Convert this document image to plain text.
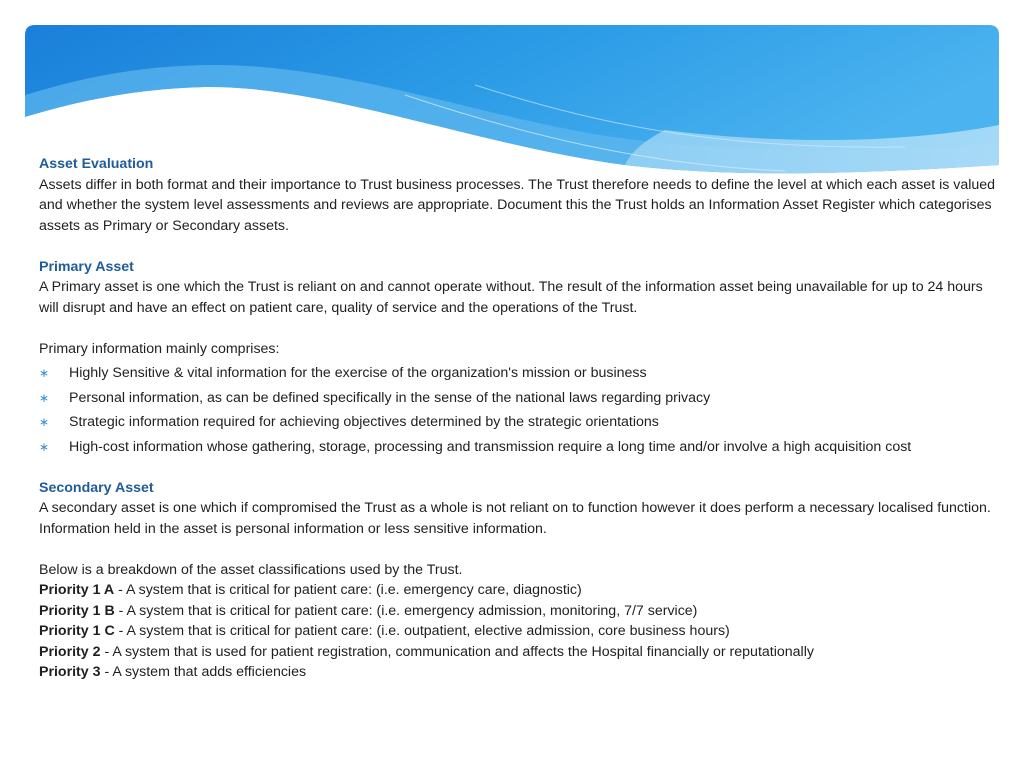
Asset Evaluation

Assets differ in both format and their importance to Trust business processes. The Trust therefore needs to define the level at which each asset is valued and whether the system level assessments and reviews are appropriate. Document this the Trust holds an Information Asset Register which categorises assets as Primary or Secondary assets.

Primary Asset

A Primary asset is one which the Trust is reliant on and cannot operate without. The result of the information asset being unavailable for up to 24 hours will disrupt and have an effect on patient care, quality of service and the operations of the Trust.

Primary information mainly comprises:

∗ Highly Sensitive & vital information for the exercise of the organization's mission or business
∗ Personal information, as can be defined specifically in the sense of the national laws regarding privacy
∗ Strategic information required for achieving objectives determined by the strategic orientations
∗ High-cost information whose gathering, storage, processing and transmission require a long time and/or involve a high acquisition cost
Secondary Asset

A secondary asset is one which if compromised the Trust as a whole is not reliant on to function however it does perform a necessary localised function. Information held in the asset is personal information or less sensitive information.

Below is a breakdown of the asset classifications used by the Trust.

Priority 1 A - A system that is critical for patient care: (i.e. emergency care, diagnostic)
Priority 1 B - A system that is critical for patient care: (i.e. emergency admission, monitoring, 7/7 service)
Priority 1 C - A system that is critical for patient care: (i.e. outpatient, elective admission, core business hours)
Priority 2 - A system that is used for patient registration, communication and affects the Hospital financially or reputationally
Priority 3 - A system that adds efficiencies
